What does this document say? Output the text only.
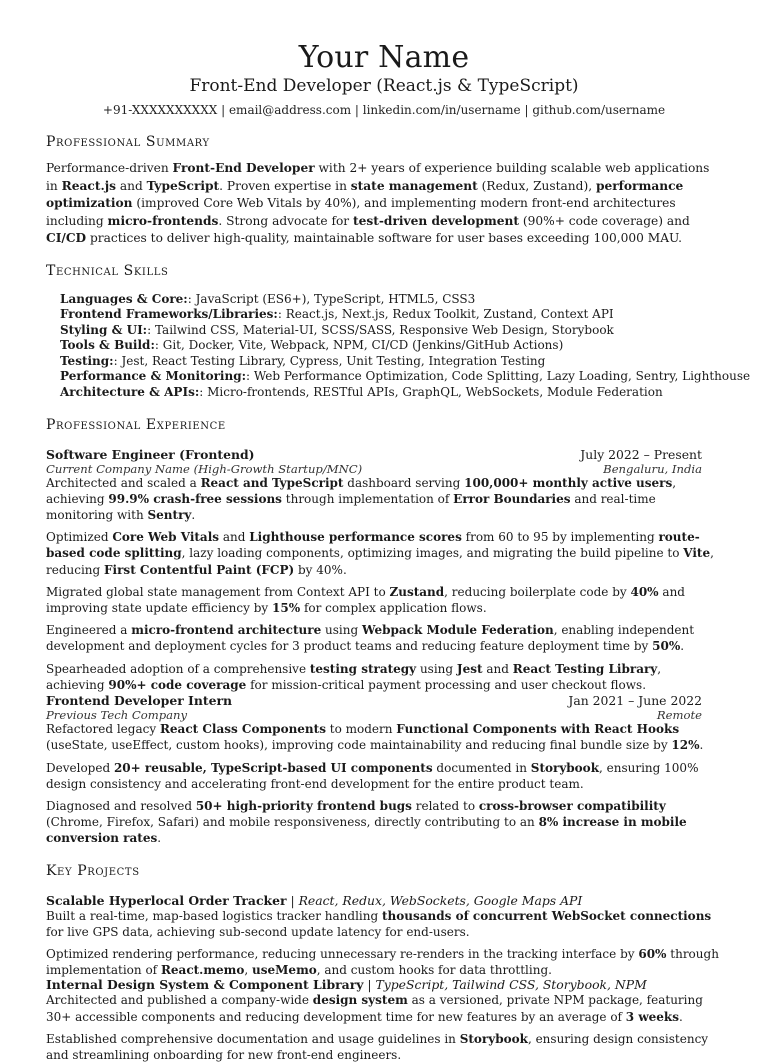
Your Name
Front-End Developer (React.js & TypeScript)
+91-XXXXXXXXXX | email@address.com | linkedin.com/in/username | github.com/username
Professional Summary
Performance-driven Front-End Developer with 2+ years of experience building scalable web applications in React.js and TypeScript. Proven expertise in state management (Redux, Zustand), performance optimization (improved Core Web Vitals by 40%), and implementing modern front-end architectures including micro-frontends. Strong advocate for test-driven development (90%+ code coverage) and CI/CD practices to deliver high-quality, maintainable software for user bases exceeding 100,000 MAU.
Technical Skills
Languages & Core:: JavaScript (ES6+), TypeScript, HTML5, CSS3
Frontend Frameworks/Libraries:: React.js, Next.js, Redux Toolkit, Zustand, Context API
Styling & UI:: Tailwind CSS, Material-UI, SCSS/SASS, Responsive Web Design, Storybook
Tools & Build:: Git, Docker, Vite, Webpack, NPM, CI/CD (Jenkins/GitHub Actions)
Testing:: Jest, React Testing Library, Cypress, Unit Testing, Integration Testing
Performance & Monitoring:: Web Performance Optimization, Code Splitting, Lazy Loading, Sentry, Lighthouse
Architecture & APIs:: Micro-frontends, RESTful APIs, GraphQL, WebSockets, Module Federation
Professional Experience
Software Engineer (Frontend)	July 2022 – Present
Current Company Name (High-Growth Startup/MNC)	Bengaluru, India
Architected and scaled a React and TypeScript dashboard serving 100,000+ monthly active users, achieving 99.9% crash-free sessions through implementation of Error Boundaries and real-time monitoring with Sentry.
Optimized Core Web Vitals and Lighthouse performance scores from 60 to 95 by implementing route-based code splitting, lazy loading components, optimizing images, and migrating the build pipeline to Vite, reducing First Contentful Paint (FCP) by 40%.
Migrated global state management from Context API to Zustand, reducing boilerplate code by 40% and improving state update efficiency by 15% for complex application flows.
Engineered a micro-frontend architecture using Webpack Module Federation, enabling independent development and deployment cycles for 3 product teams and reducing feature deployment time by 50%.
Spearheaded adoption of a comprehensive testing strategy using Jest and React Testing Library, achieving 90%+ code coverage for mission-critical payment processing and user checkout flows.
Frontend Developer Intern	Jan 2021 – June 2022
Previous Tech Company	Remote
Refactored legacy React Class Components to modern Functional Components with React Hooks (useState, useEffect, custom hooks), improving code maintainability and reducing final bundle size by 12%.
Developed 20+ reusable, TypeScript-based UI components documented in Storybook, ensuring 100% design consistency and accelerating front-end development for the entire product team.
Diagnosed and resolved 50+ high-priority frontend bugs related to cross-browser compatibility (Chrome, Firefox, Safari) and mobile responsiveness, directly contributing to an 8% increase in mobile conversion rates.
Key Projects
Scalable Hyperlocal Order Tracker | React, Redux, WebSockets, Google Maps API
Built a real-time, map-based logistics tracker handling thousands of concurrent WebSocket connections for live GPS data, achieving sub-second update latency for end-users.
Optimized rendering performance, reducing unnecessary re-renders in the tracking interface by 60% through implementation of React.memo, useMemo, and custom hooks for data throttling.
Internal Design System & Component Library | TypeScript, Tailwind CSS, Storybook, NPM
Architected and published a company-wide design system as a versioned, private NPM package, featuring 30+ accessible components and reducing development time for new features by an average of 3 weeks.
Established comprehensive documentation and usage guidelines in Storybook, ensuring design consistency and streamlining onboarding for new front-end engineers.
